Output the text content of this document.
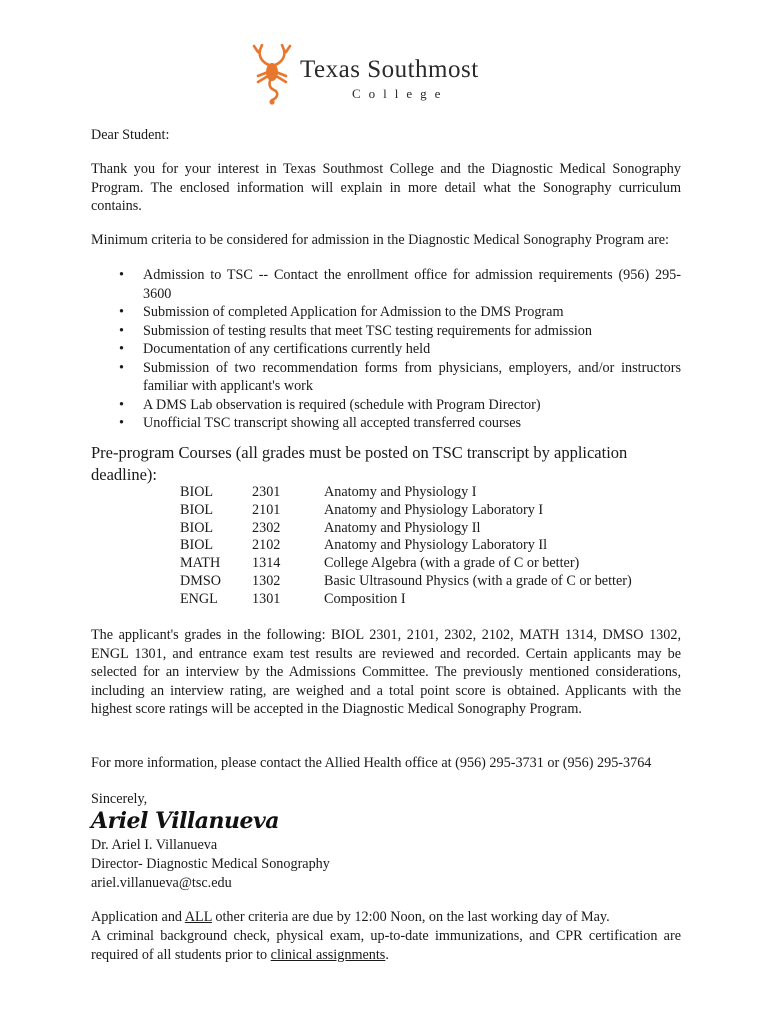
Texas Southmost
College
Dear Student:
Thank you for your interest in Texas Southmost College and the Diagnostic Medical Sonography Program. The enclosed information will explain in more detail what the Sonography curriculum contains.
Minimum criteria to be considered for admission in the Diagnostic Medical Sonography Program are:
• Admission to TSC -- Contact the enrollment office for admission requirements (956) 295-3600
• Submission of completed Application for Admission to the DMS Program
• Submission of testing results that meet TSC testing requirements for admission
• Documentation of any certifications currently held
• Submission of two recommendation forms from physicians, employers, and/or instructors familiar with applicant's work
• A DMS Lab observation is required (schedule with Program Director)
• Unofficial TSC transcript showing all accepted transferred courses
Pre-program Courses (all grades must be posted on TSC transcript by application deadline):
BIOL	2301	Anatomy and Physiology I
BIOL	2101	Anatomy and Physiology Laboratory I
BIOL	2302	Anatomy and Physiology Il
BIOL	2102	Anatomy and Physiology Laboratory Il
MATH	1314	College Algebra (with a grade of C or better)
DMSO	1302	Basic Ultrasound Physics (with a grade of C or better)
ENGL	1301	Composition I
The applicant's grades in the following: BIOL 2301, 2101, 2302, 2102, MATH 1314, DMSO 1302, ENGL 1301, and entrance exam test results are reviewed and recorded. Certain applicants may be selected for an interview by the Admissions Committee. The previously mentioned considerations, including an interview rating, are weighed and a total point score is obtained. Applicants with the highest score ratings will be accepted in the Diagnostic Medical Sonography Program.
For more information, please contact the Allied Health office at (956) 295-3731 or (956) 295-3764
Sincerely,
Ariel Villanueva
Dr. Ariel I. Villanueva
Director- Diagnostic Medical Sonography
ariel.villanueva@tsc.edu
Application and ALL other criteria are due by 12:00 Noon, on the last working day of May.
A criminal background check, physical exam, up-to-date immunizations, and CPR certification are required of all students prior to clinical assignments.
